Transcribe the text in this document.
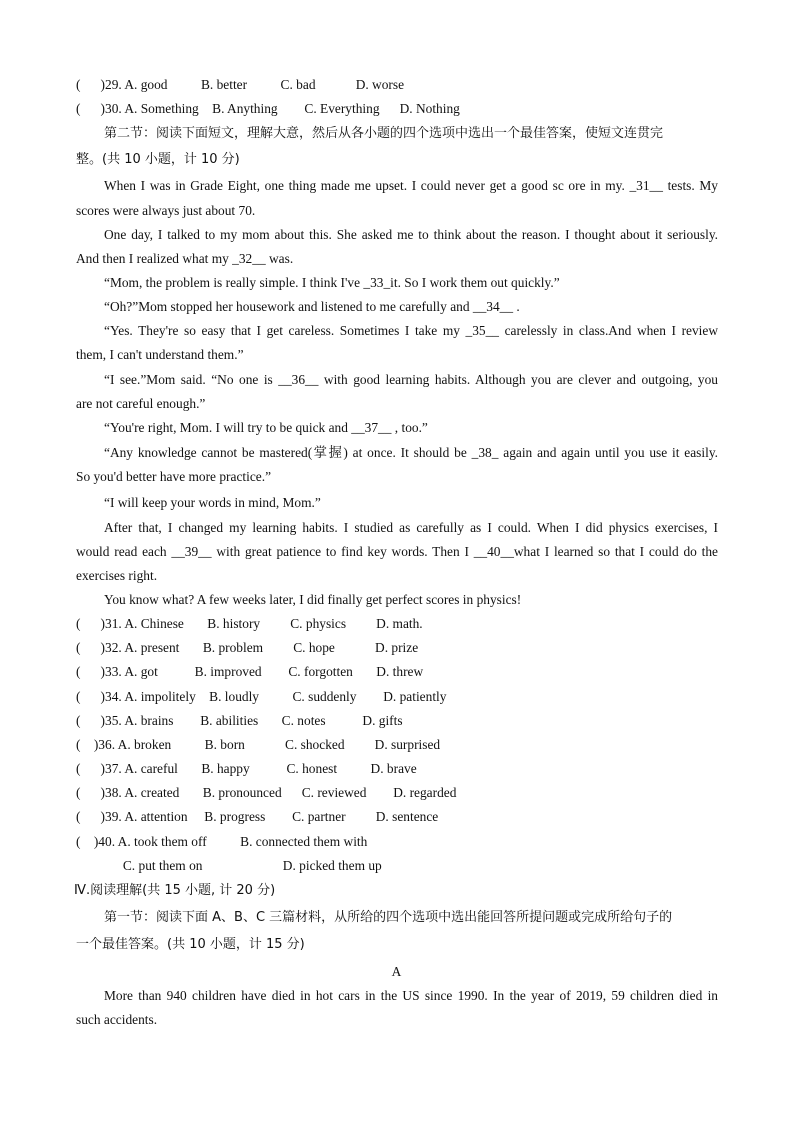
(      )29. A. good          B. better          C. bad            D. worse
(      )30. A. Something    B. Anything        C. Everything      D. Nothing
第二节：阅读下面短文，理解大意，然后从各小题的四个选项中选出一个最佳答案，使短文连贯完
整。(共 10 小题，计 10 分)
When I was in Grade Eight, one thing made me upset. I could never get a good sc ore in my. _31__ tests. My
scores were always just about 70.
One day, I talked to my mom about this. She asked me to think about the reason. I thought about it seriously.
And then I realized what my _32__ was.
“Mom, the problem is really simple. I think I've _33_it. So I work them out quickly.”
“Oh?”Mom stopped her housework and listened to me carefully and __34__ .
“Yes. They're so easy that I get careless. Sometimes I take my _35__ carelessly in class.And when I review
them, I can't understand them.”
“I see.”Mom said. “No one is __36__ with good learning habits. Although you are clever and outgoing, you
are not careful enough.”
“You're right, Mom. I will try to be quick and __37__ , too.”
“Any knowledge cannot be mastered(掌握) at once. It should be _38_ again and again until you use it easily.
So you'd better have more practice.”
“I will keep your words in mind, Mom.”
After that, I changed my learning habits. I studied as carefully as I could. When I did physics exercises, I
would read each __39__ with great patience to find key words. Then I __40__what I learned so that I could do the
exercises right.
You know what? A few weeks later, I did finally get perfect scores in physics!
(      )31. A. Chinese       B. history         C. physics         D. math.
(      )32. A. present       B. problem         C. hope            D. prize
(      )33. A. got           B. improved        C. forgotten       D. threw
(      )34. A. impolitely    B. loudly          C. suddenly        D. patiently
(      )35. A. brains        B. abilities       C. notes           D. gifts
(    )36. A. broken          B. born            C. shocked         D. surprised
(      )37. A. careful       B. happy           C. honest          D. brave
(      )38. A. created       B. pronounced      C. reviewed        D. regarded
(      )39. A. attention     B. progress        C. partner         D. sentence
(    )40. A. took them off          B. connected them with
C. put them on                        D. picked them up
Ⅳ.阅读理解(共 15 小题, 计 20 分)
第一节：阅读下面 A、B、C 三篇材料，从所给的四个选项中选出能回答所提问题或完成所给句子的
一个最佳答案。(共 10 小题，计 15 分)
A
More than 940 children have died in hot cars in the US since 1990. In the year of 2019, 59 children died in
such accidents.
